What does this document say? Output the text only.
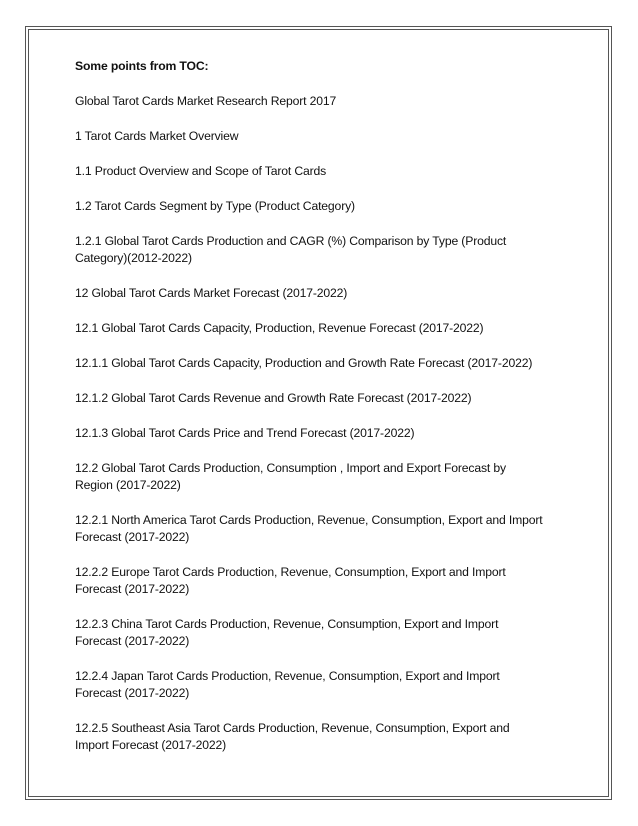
Some points from TOC:
Global Tarot Cards Market Research Report 2017
1 Tarot Cards Market Overview
1.1 Product Overview and Scope of Tarot Cards
1.2 Tarot Cards Segment by Type (Product Category)
1.2.1 Global Tarot Cards Production and CAGR (%) Comparison by Type (Product Category)(2012-2022)
12 Global Tarot Cards Market Forecast (2017-2022)
12.1 Global Tarot Cards Capacity, Production, Revenue Forecast (2017-2022)
12.1.1 Global Tarot Cards Capacity, Production and Growth Rate Forecast (2017-2022)
12.1.2 Global Tarot Cards Revenue and Growth Rate Forecast (2017-2022)
12.1.3 Global Tarot Cards Price and Trend Forecast (2017-2022)
12.2 Global Tarot Cards Production, Consumption , Import and Export Forecast by Region (2017-2022)
12.2.1 North America Tarot Cards Production, Revenue, Consumption, Export and Import Forecast (2017-2022)
12.2.2 Europe Tarot Cards Production, Revenue, Consumption, Export and Import Forecast (2017-2022)
12.2.3 China Tarot Cards Production, Revenue, Consumption, Export and Import Forecast (2017-2022)
12.2.4 Japan Tarot Cards Production, Revenue, Consumption, Export and Import Forecast (2017-2022)
12.2.5 Southeast Asia Tarot Cards Production, Revenue, Consumption, Export and Import Forecast (2017-2022)
